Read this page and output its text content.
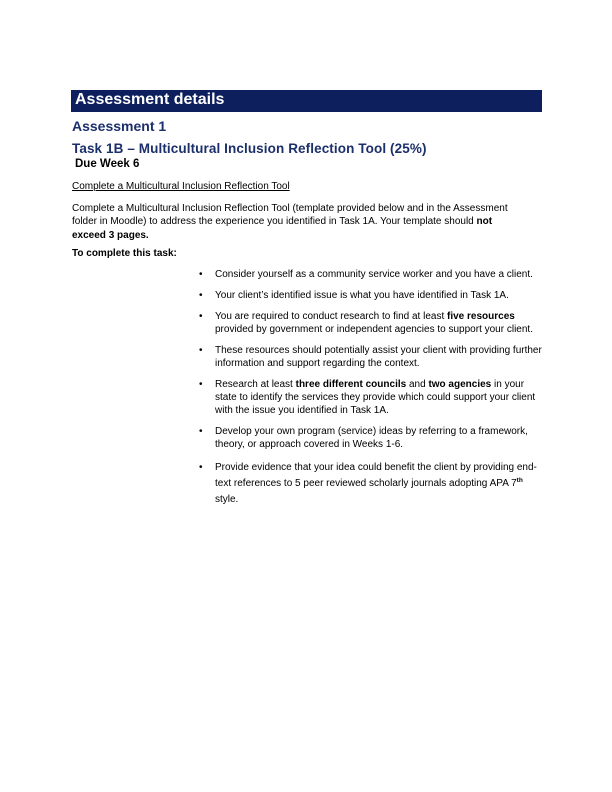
Assessment details
Assessment 1
Task 1B – Multicultural Inclusion Reflection Tool (25%)

Due Week 6

Complete a Multicultural Inclusion Reflection Tool

Complete a Multicultural Inclusion Reflection Tool (template provided below and in the Assessment folder in Moodle) to address the experience you identified in Task 1A. Your template should not exceed 3 pages.

To complete this task:

• Consider yourself as a community service worker and you have a client.
• Your client’s identified issue is what you have identified in Task 1A.
• You are required to conduct research to find at least five resources provided by government or independent agencies to support your client.
• These resources should potentially assist your client with providing further information and support regarding the context.
• Research at least three different councils and two agencies in your state to identify the services they provide which could support your client with the issue you identified in Task 1A.
• Develop your own program (service) ideas by referring to a framework, theory, or approach covered in Weeks 1-6.
• Provide evidence that your idea could benefit the client by providing end-text references to 5 peer reviewed scholarly journals adopting APA 7th style.
